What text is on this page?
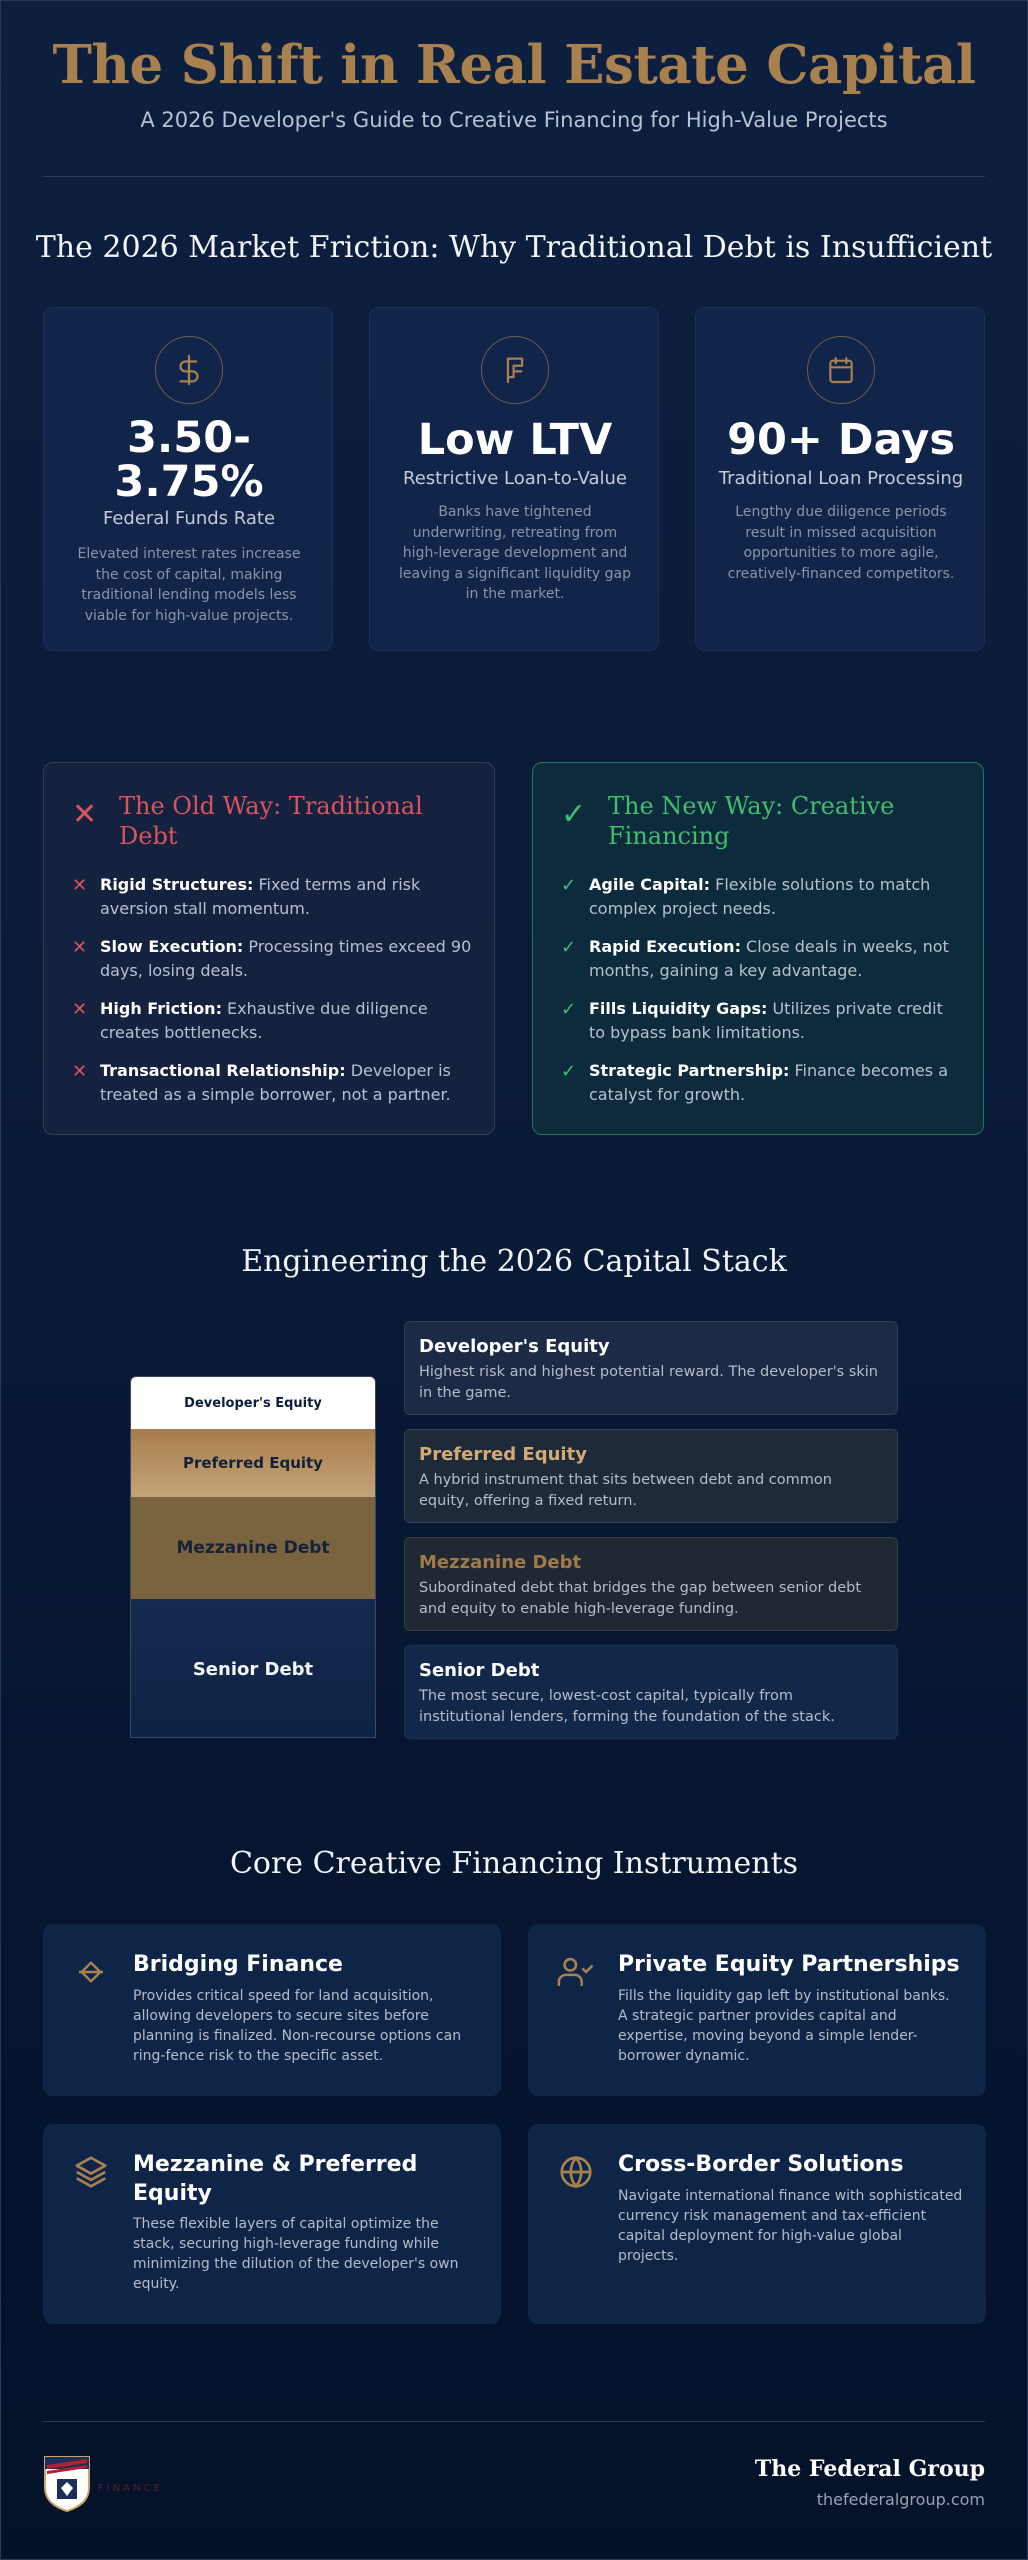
The Shift in Real Estate Capital
A 2026 Developer's Guide to Creative Financing for High-Value Projects
The 2026 Market Friction: Why Traditional Debt is Insufficient
3.50-
3.75%
Federal Funds Rate
Elevated interest rates increase the cost of capital, making traditional lending models less viable for high-value projects.
Low LTV
Restrictive Loan-to-Value
Banks have tightened underwriting, retreating from high-leverage development and leaving a significant liquidity gap in the market.
90+ Days
Traditional Loan Processing
Lengthy due diligence periods result in missed acquisition opportunities to more agile, creatively-financed competitors.
✕ The Old Way: Traditional Debt
✕ Rigid Structures: Fixed terms and risk aversion stall momentum.
✕ Slow Execution: Processing times exceed 90 days, losing deals.
✕ High Friction: Exhaustive due diligence creates bottlenecks.
✕ Transactional Relationship: Developer is treated as a simple borrower, not a partner.
✓ The New Way: Creative Financing
✓ Agile Capital: Flexible solutions to match complex project needs.
✓ Rapid Execution: Close deals in weeks, not months, gaining a key advantage.
✓ Fills Liquidity Gaps: Utilizes private credit to bypass bank limitations.
✓ Strategic Partnership: Finance becomes a catalyst for growth.
Engineering the 2026 Capital Stack
Developer's Equity
Preferred Equity
Mezzanine Debt
Senior Debt
Developer's Equity
Highest risk and highest potential reward. The developer's skin in the game.
Preferred Equity
A hybrid instrument that sits between debt and common equity, offering a fixed return.
Mezzanine Debt
Subordinated debt that bridges the gap between senior debt and equity to enable high-leverage funding.
Senior Debt
The most secure, lowest-cost capital, typically from institutional lenders, forming the foundation of the stack.
Core Creative Financing Instruments
Bridging Finance
Provides critical speed for land acquisition, allowing developers to secure sites before planning is finalized. Non-recourse options can ring-fence risk to the specific asset.
Private Equity Partnerships
Fills the liquidity gap left by institutional banks. A strategic partner provides capital and expertise, moving beyond a simple lender-borrower dynamic.
Mezzanine & Preferred Equity
These flexible layers of capital optimize the stack, securing high-leverage funding while minimizing the dilution of the developer's own equity.
Cross-Border Solutions
Navigate international finance with sophisticated currency risk management and tax-efficient capital deployment for high-value global projects.
FINANCE
The Federal Group
thefederalgroup.com
